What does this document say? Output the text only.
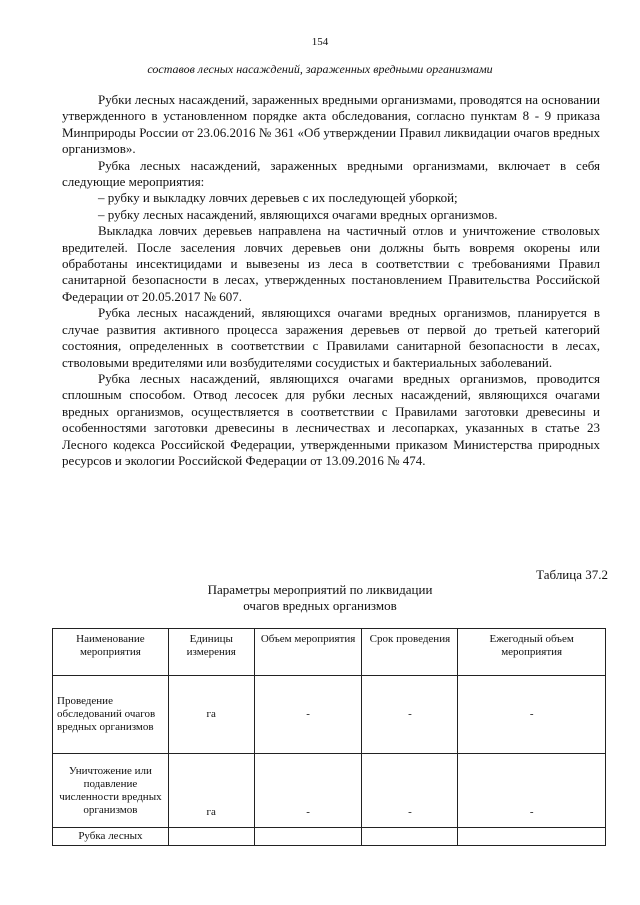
154
составов лесных насаждений, зараженных вредными организмами

Рубки лесных насаждений, зараженных вредными организмами, проводятся на основании утвержденного в установленном порядке акта обследования, согласно пунктам 8 - 9 приказа Минприроды России от 23.06.2016 № 361 «Об утверждении Правил ликвидации очагов вредных организмов».

Рубка лесных насаждений, зараженных вредными организмами, включает в себя следующие мероприятия:

– рубку и выкладку ловчих деревьев с их последующей уборкой;

– рубку лесных насаждений, являющихся очагами вредных организмов.

Выкладка ловчих деревьев направлена на частичный отлов и уничтожение стволовых вредителей. После заселения ловчих деревьев они должны быть вовремя окорены или обработаны инсектицидами и вывезены из леса в соответствии с требованиями Правил санитарной безопасности в лесах, утвержденных постановлением Правительства Российской Федерации от 20.05.2017 № 607.

Рубка лесных насаждений, являющихся очагами вредных организмов, планируется в случае развития активного процесса заражения деревьев от первой до третьей категорий состояния, определенных в соответствии с Правилами санитарной безопасности в лесах, стволовыми вредителями или возбудителями сосудистых и бактериальных заболеваний.

Рубка лесных насаждений, являющихся очагами вредных организмов, проводится сплошным способом. Отвод лесосек для рубки лесных насаждений, являющихся очагами вредных организмов, осуществляется в соответствии с Правилами заготовки древесины и особенностями заготовки древесины в лесничествах и лесопарках, указанных в статье 23 Лесного кодекса Российской Федерации, утвержденными приказом Министерства природных ресурсов и экологии Российской Федерации от 13.09.2016 № 474.

Таблица 37.2
Параметры мероприятий по ликвидации
очагов вредных организмов
Наименование мероприятия	Единицы измерения	Объем мероприятия	Срок проведения	Ежегодный объем мероприятия
Проведение обследований очагов вредных организмов	га	-	-	-
Уничтожение или подавление численности вредных организмов	га	-	-	-
Рубка лесных				
